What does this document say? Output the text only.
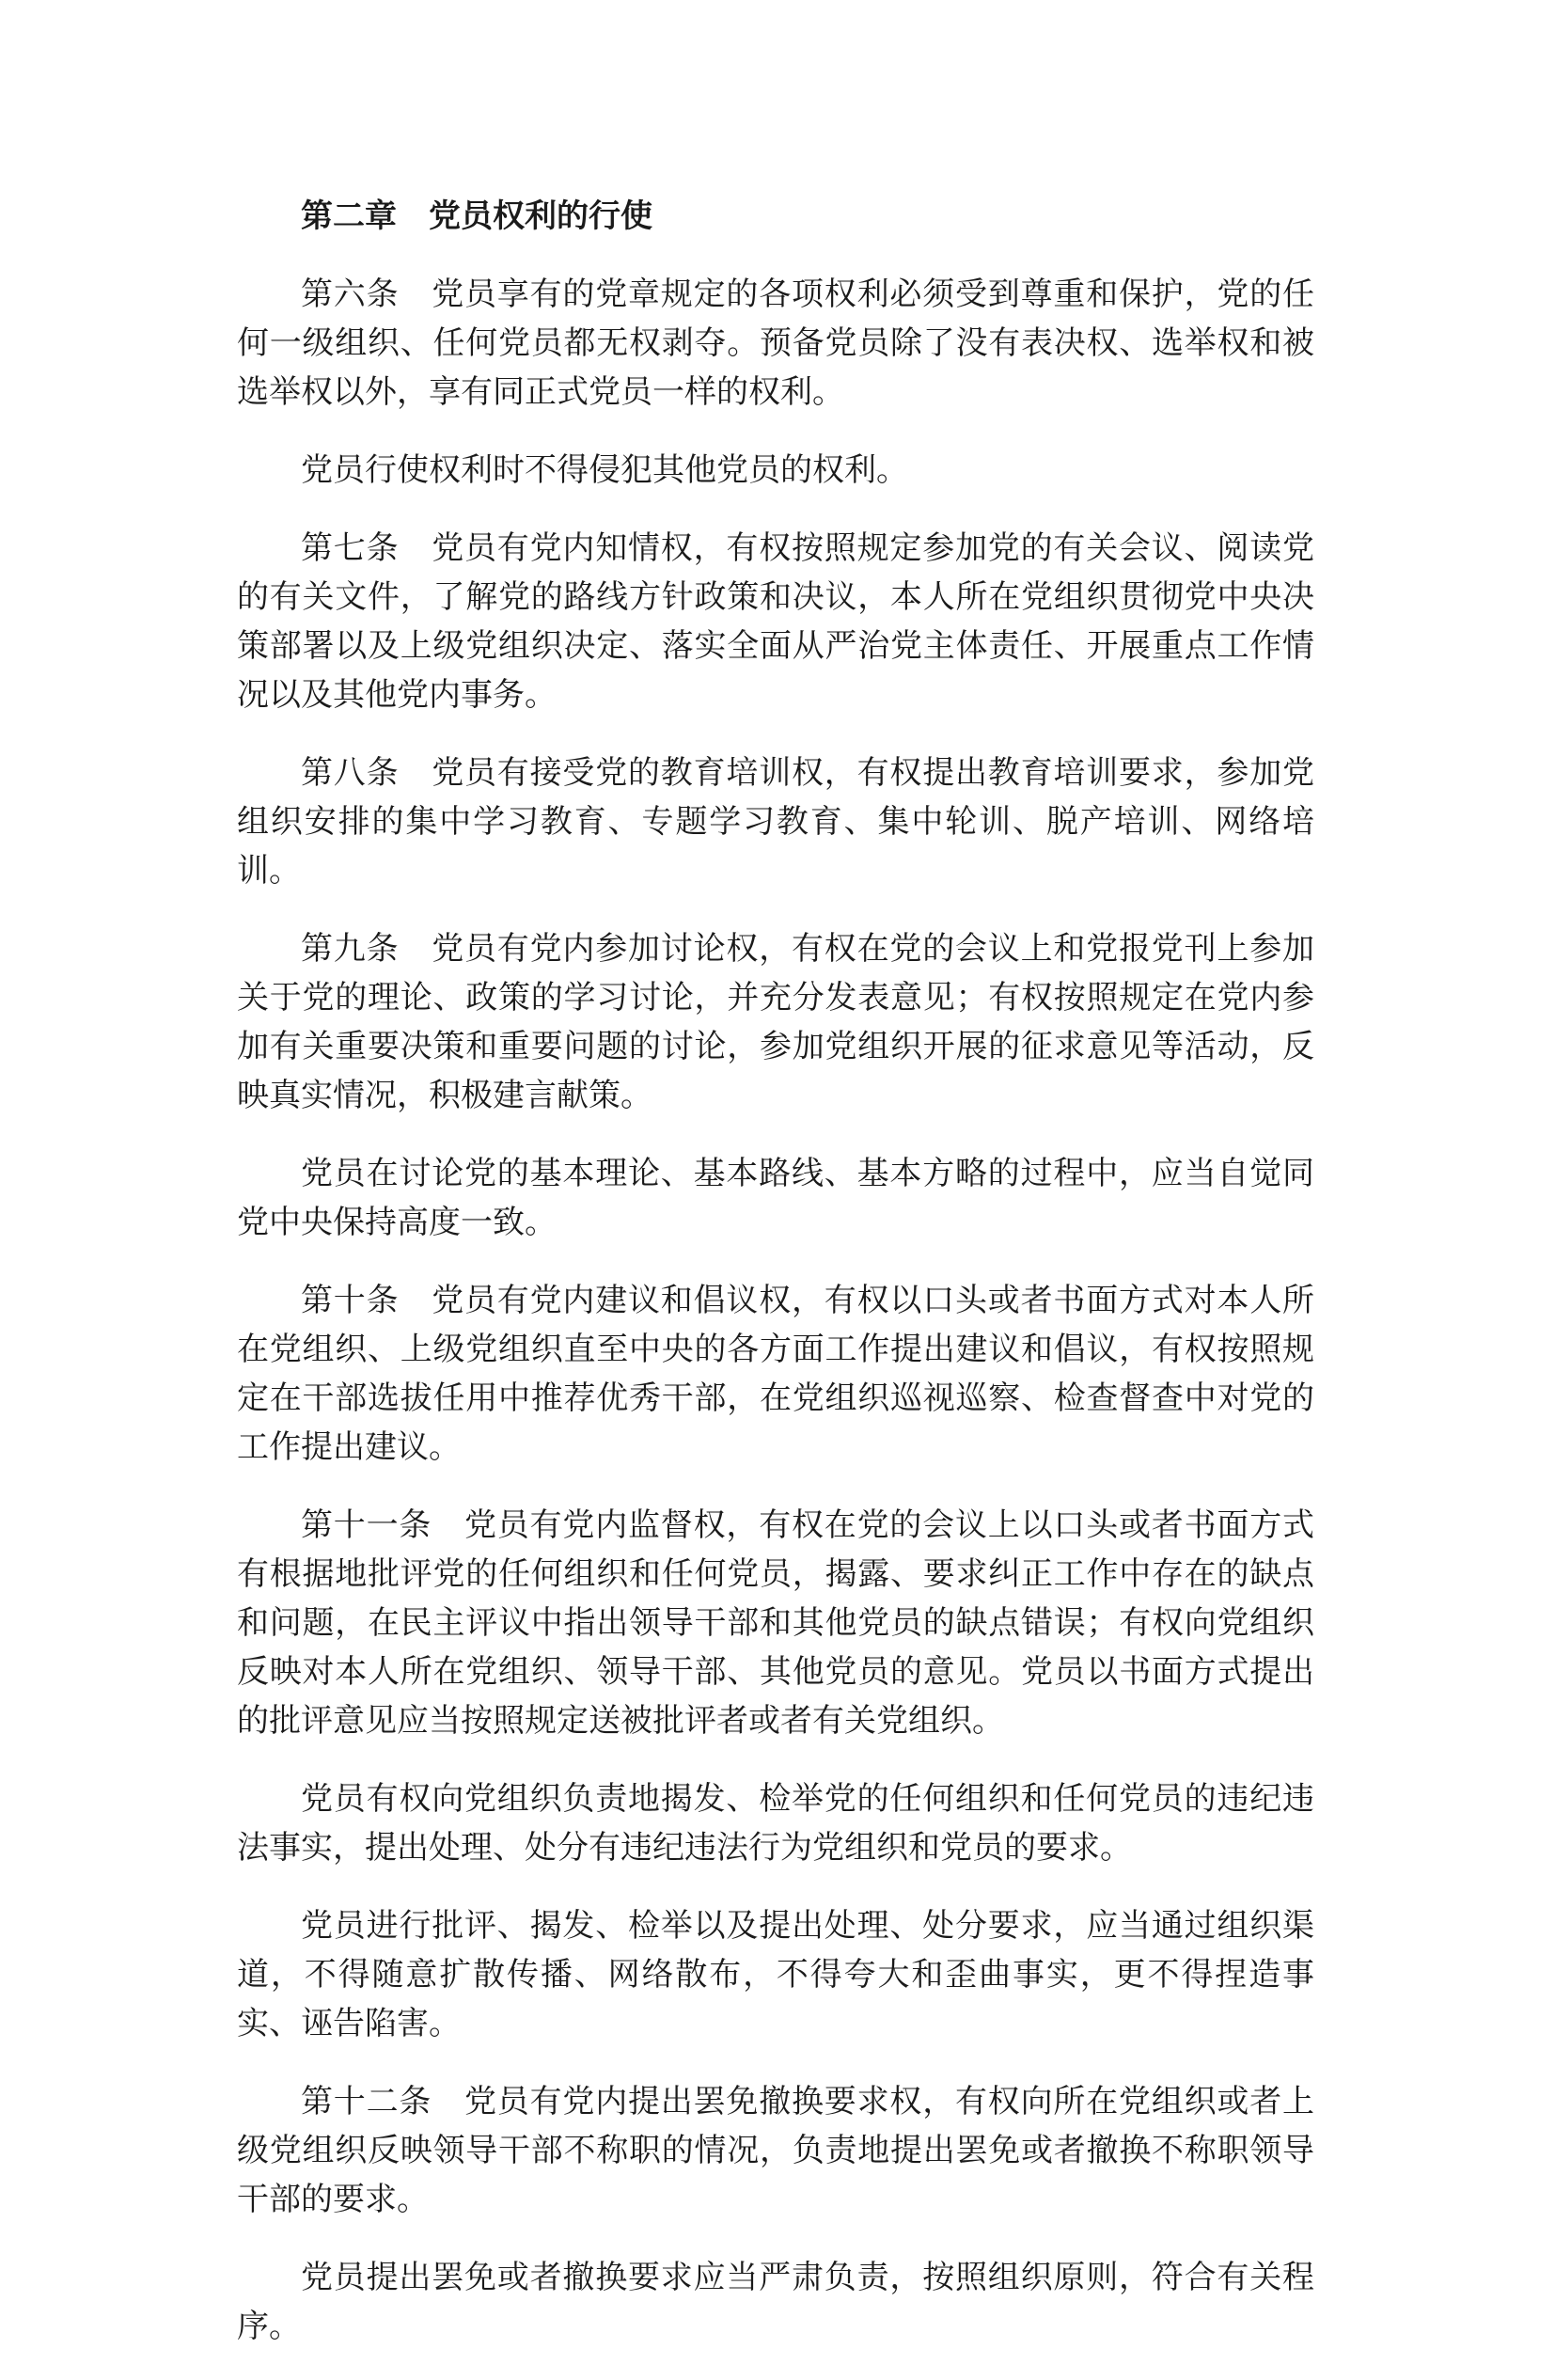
第二章　党员权利的行使

第六条　党员享有的党章规定的各项权利必须受到尊重和保护，党的任何一级组织、任何党员都无权剥夺。预备党员除了没有表决权、选举权和被选举权以外，享有同正式党员一样的权利。

党员行使权利时不得侵犯其他党员的权利。

第七条　党员有党内知情权，有权按照规定参加党的有关会议、阅读党的有关文件，了解党的路线方针政策和决议，本人所在党组织贯彻党中央决策部署以及上级党组织决定、落实全面从严治党主体责任、开展重点工作情况以及其他党内事务。

第八条　党员有接受党的教育培训权，有权提出教育培训要求，参加党组织安排的集中学习教育、专题学习教育、集中轮训、脱产培训、网络培训。

第九条　党员有党内参加讨论权，有权在党的会议上和党报党刊上参加关于党的理论、政策的学习讨论，并充分发表意见；有权按照规定在党内参加有关重要决策和重要问题的讨论，参加党组织开展的征求意见等活动，反映真实情况，积极建言献策。

党员在讨论党的基本理论、基本路线、基本方略的过程中，应当自觉同党中央保持高度一致。

第十条　党员有党内建议和倡议权，有权以口头或者书面方式对本人所在党组织、上级党组织直至中央的各方面工作提出建议和倡议，有权按照规定在干部选拔任用中推荐优秀干部，在党组织巡视巡察、检查督查中对党的工作提出建议。

第十一条　党员有党内监督权，有权在党的会议上以口头或者书面方式有根据地批评党的任何组织和任何党员，揭露、要求纠正工作中存在的缺点和问题，在民主评议中指出领导干部和其他党员的缺点错误；有权向党组织反映对本人所在党组织、领导干部、其他党员的意见。党员以书面方式提出的批评意见应当按照规定送被批评者或者有关党组织。

党员有权向党组织负责地揭发、检举党的任何组织和任何党员的违纪违法事实，提出处理、处分有违纪违法行为党组织和党员的要求。

党员进行批评、揭发、检举以及提出处理、处分要求，应当通过组织渠道，不得随意扩散传播、网络散布，不得夸大和歪曲事实，更不得捏造事实、诬告陷害。

第十二条　党员有党内提出罢免撤换要求权，有权向所在党组织或者上级党组织反映领导干部不称职的情况，负责地提出罢免或者撤换不称职领导干部的要求。

党员提出罢免或者撤换要求应当严肃负责，按照组织原则，符合有关程序。
